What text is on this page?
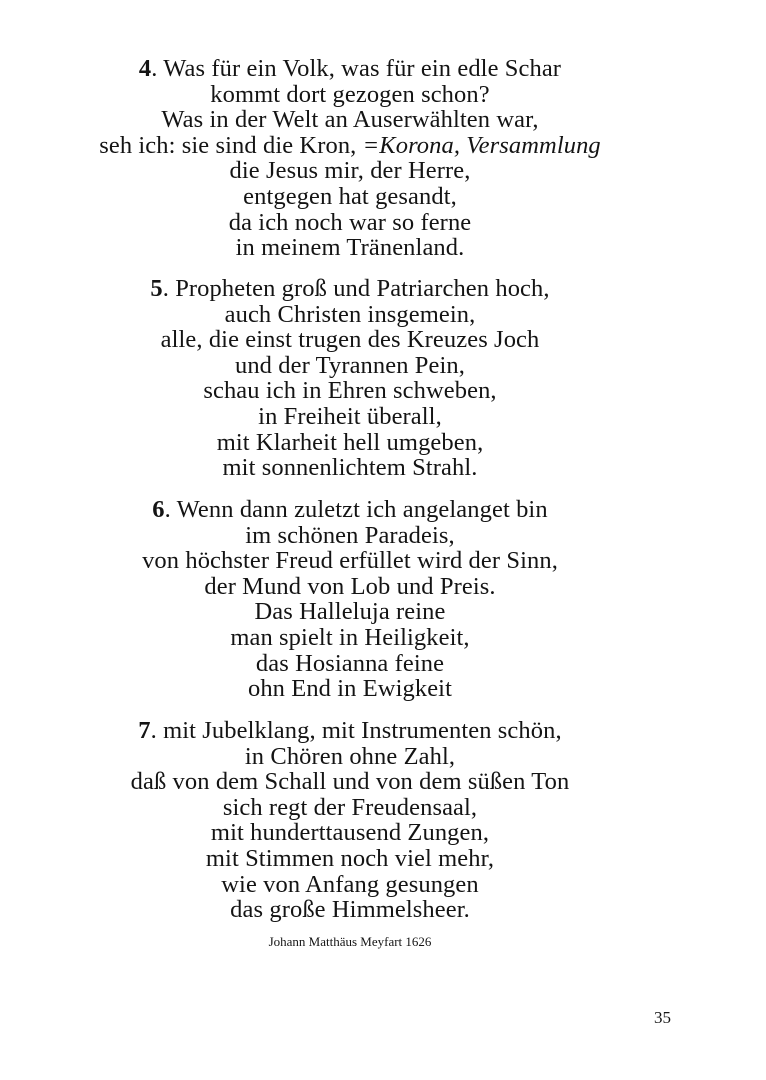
4. Was für ein Volk, was für ein edle Schar
kommt dort gezogen schon?
Was in der Welt an Auserwählten war,
seh ich: sie sind die Kron, =Korona, Versammlung
die Jesus mir, der Herre,
entgegen hat gesandt,
da ich noch war so ferne
in meinem Tränenland.
5. Propheten groß und Patriarchen hoch,
auch Christen insgemein,
alle, die einst trugen des Kreuzes Joch
und der Tyrannen Pein,
schau ich in Ehren schweben,
in Freiheit überall,
mit Klarheit hell umgeben,
mit sonnenlichtem Strahl.
6. Wenn dann zuletzt ich angelanget bin
im schönen Paradeis,
von höchster Freud erfüllet wird der Sinn,
der Mund von Lob und Preis.
Das Halleluja reine
man spielt in Heiligkeit,
das Hosianna feine
ohn End in Ewigkeit
7. mit Jubelklang, mit Instrumenten schön,
in Chören ohne Zahl,
daß von dem Schall und von dem süßen Ton
sich regt der Freudensaal,
mit hunderttausend Zungen,
mit Stimmen noch viel mehr,
wie von Anfang gesungen
das große Himmelsheer.
Johann Matthäus Meyfart 1626
35
